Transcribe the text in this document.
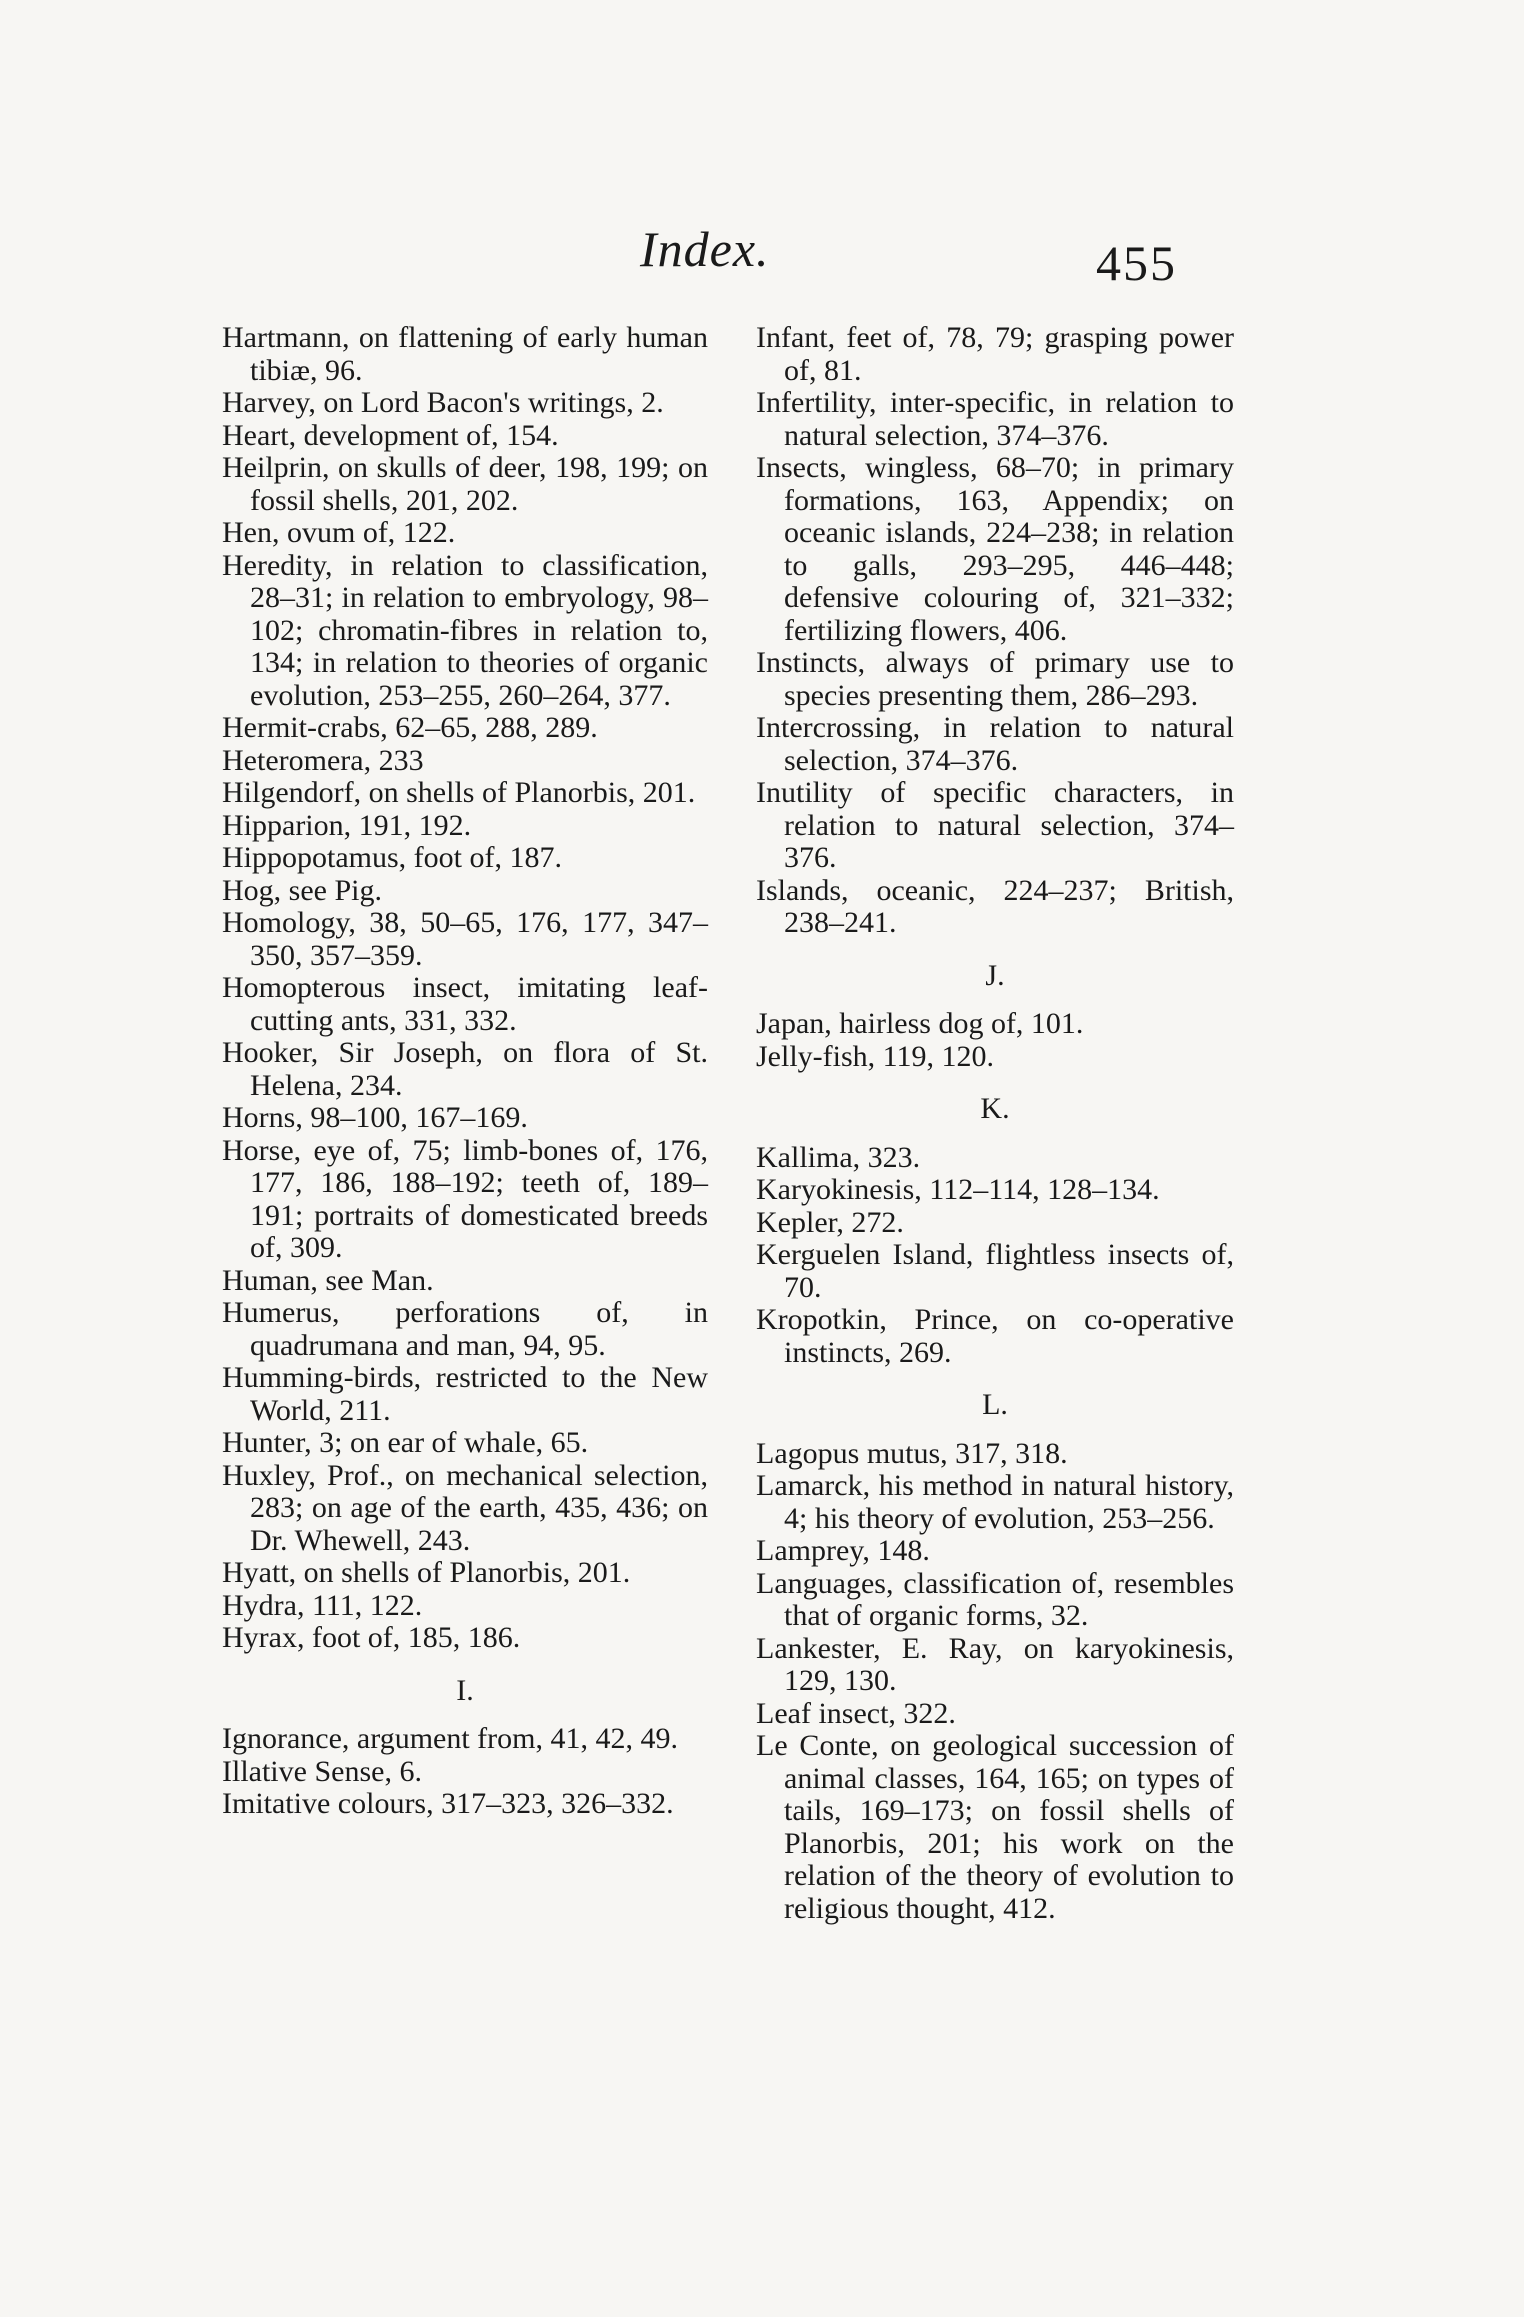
Index.	455
Hartmann, on flattening of early human tibiæ, 96.
Harvey, on Lord Bacon's writings, 2.
Heart, development of, 154.
Heilprin, on skulls of deer, 198, 199; on fossil shells, 201, 202.
Hen, ovum of, 122.
Heredity, in relation to classification, 28–31; in relation to embryology, 98–102; chromatin-fibres in relation to, 134; in relation to theories of organic evolution, 253–255, 260–264, 377.
Hermit-crabs, 62–65, 288, 289.
Heteromera, 233
Hilgendorf, on shells of Planorbis, 201.
Hipparion, 191, 192.
Hippopotamus, foot of, 187.
Hog, see Pig.
Homology, 38, 50–65, 176, 177, 347–350, 357–359.
Homopterous insect, imitating leaf-cutting ants, 331, 332.
Hooker, Sir Joseph, on flora of St. Helena, 234.
Horns, 98–100, 167–169.
Horse, eye of, 75; limb-bones of, 176, 177, 186, 188–192; teeth of, 189–191; portraits of domesticated breeds of, 309.
Human, see Man.
Humerus, perforations of, in quadrumana and man, 94, 95.
Humming-birds, restricted to the New World, 211.
Hunter, 3; on ear of whale, 65.
Huxley, Prof., on mechanical selection, 283; on age of the earth, 435, 436; on Dr. Whewell, 243.
Hyatt, on shells of Planorbis, 201.
Hydra, 111, 122.
Hyrax, foot of, 185, 186.
I.
Ignorance, argument from, 41, 42, 49.
Illative Sense, 6.
Imitative colours, 317–323, 326–332.
Infant, feet of, 78, 79; grasping power of, 81.
Infertility, inter-specific, in relation to natural selection, 374–376.
Insects, wingless, 68–70; in primary formations, 163, Appendix; on oceanic islands, 224–238; in relation to galls, 293–295, 446–448; defensive colouring of, 321–332; fertilizing flowers, 406.
Instincts, always of primary use to species presenting them, 286–293.
Intercrossing, in relation to natural selection, 374–376.
Inutility of specific characters, in relation to natural selection, 374–376.
Islands, oceanic, 224–237; British, 238–241.
J.
Japan, hairless dog of, 101.
Jelly-fish, 119, 120.
K.
Kallima, 323.
Karyokinesis, 112–114, 128–134.
Kepler, 272.
Kerguelen Island, flightless insects of, 70.
Kropotkin, Prince, on co-operative instincts, 269.
L.
Lagopus mutus, 317, 318.
Lamarck, his method in natural history, 4; his theory of evolution, 253–256.
Lamprey, 148.
Languages, classification of, resembles that of organic forms, 32.
Lankester, E. Ray, on karyokinesis, 129, 130.
Leaf insect, 322.
Le Conte, on geological succession of animal classes, 164, 165; on types of tails, 169–173; on fossil shells of Planorbis, 201; his work on the relation of the theory of evolution to religious thought, 412.
